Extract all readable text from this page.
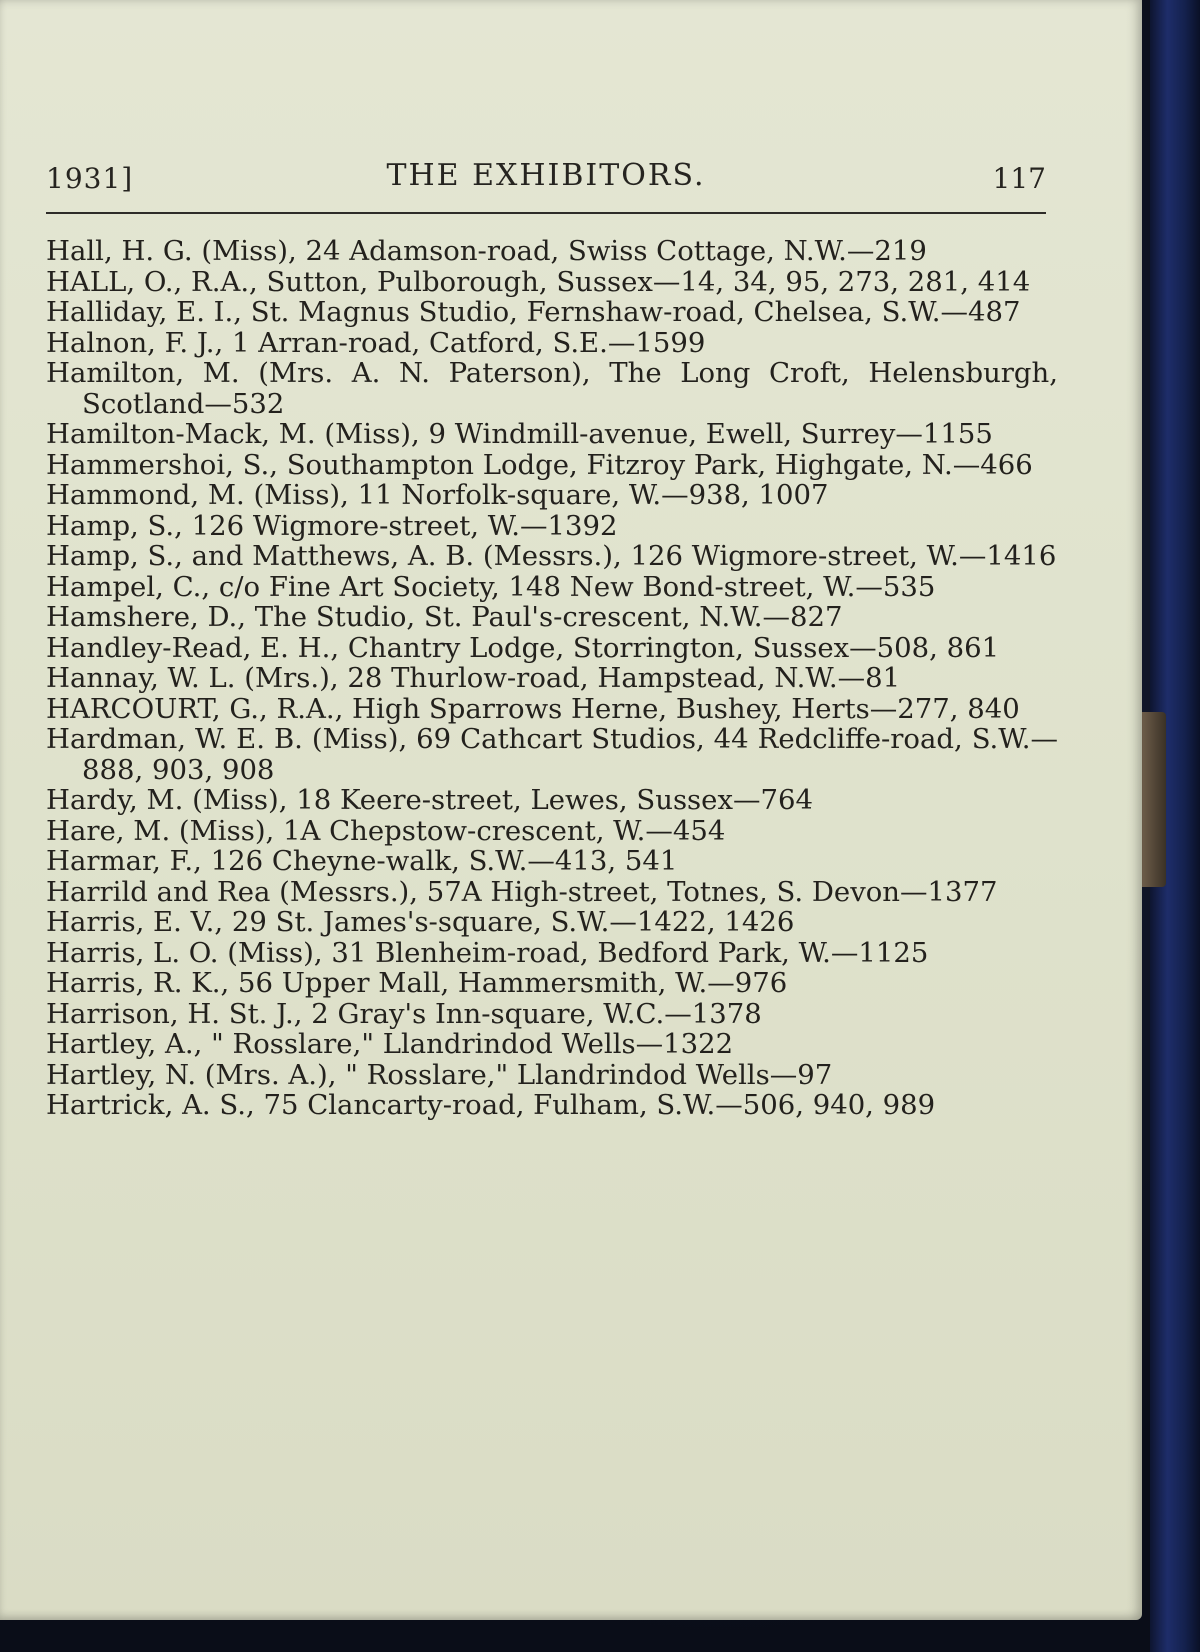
1931]	THE EXHIBITORS.	117

Hall, H. G. (Miss), 24 Adamson-road, Swiss Cottage, N.W.—219

HALL, O., R.A., Sutton, Pulborough, Sussex—14, 34, 95, 273, 281, 414

Halliday, E. I., St. Magnus Studio, Fernshaw-road, Chelsea, S.W.—487

Halnon, F. J., 1 Arran-road, Catford, S.E.—1599

Hamilton, M. (Mrs. A. N. Paterson), The Long Croft, Helensburgh, Scotland—532

Hamilton-Mack, M. (Miss), 9 Windmill-avenue, Ewell, Surrey—1155

Hammershoi, S., Southampton Lodge, Fitzroy Park, Highgate, N.—466

Hammond, M. (Miss), 11 Norfolk-square, W.—938, 1007

Hamp, S., 126 Wigmore-street, W.—1392

Hamp, S., and Matthews, A. B. (Messrs.), 126 Wigmore-street, W.—1416

Hampel, C., c/o Fine Art Society, 148 New Bond-street, W.—535

Hamshere, D., The Studio, St. Paul's-crescent, N.W.—827

Handley-Read, E. H., Chantry Lodge, Storrington, Sussex—508, 861

Hannay, W. L. (Mrs.), 28 Thurlow-road, Hampstead, N.W.—81

HARCOURT, G., R.A., High Sparrows Herne, Bushey, Herts—277, 840

Hardman, W. E. B. (Miss), 69 Cathcart Studios, 44 Redcliffe-road, S.W.—888, 903, 908

Hardy, M. (Miss), 18 Keere-street, Lewes, Sussex—764

Hare, M. (Miss), 1A Chepstow-crescent, W.—454

Harmar, F., 126 Cheyne-walk, S.W.—413, 541

Harrild and Rea (Messrs.), 57A High-street, Totnes, S. Devon—1377

Harris, E. V., 29 St. James's-square, S.W.—1422, 1426

Harris, L. O. (Miss), 31 Blenheim-road, Bedford Park, W.—1125

Harris, R. K., 56 Upper Mall, Hammersmith, W.—976

Harrison, H. St. J., 2 Gray's Inn-square, W.C.—1378

Hartley, A., " Rosslare," Llandrindod Wells—1322

Hartley, N. (Mrs. A.), " Rosslare," Llandrindod Wells—97

Hartrick, A. S., 75 Clancarty-road, Fulham, S.W.—506, 940, 989
